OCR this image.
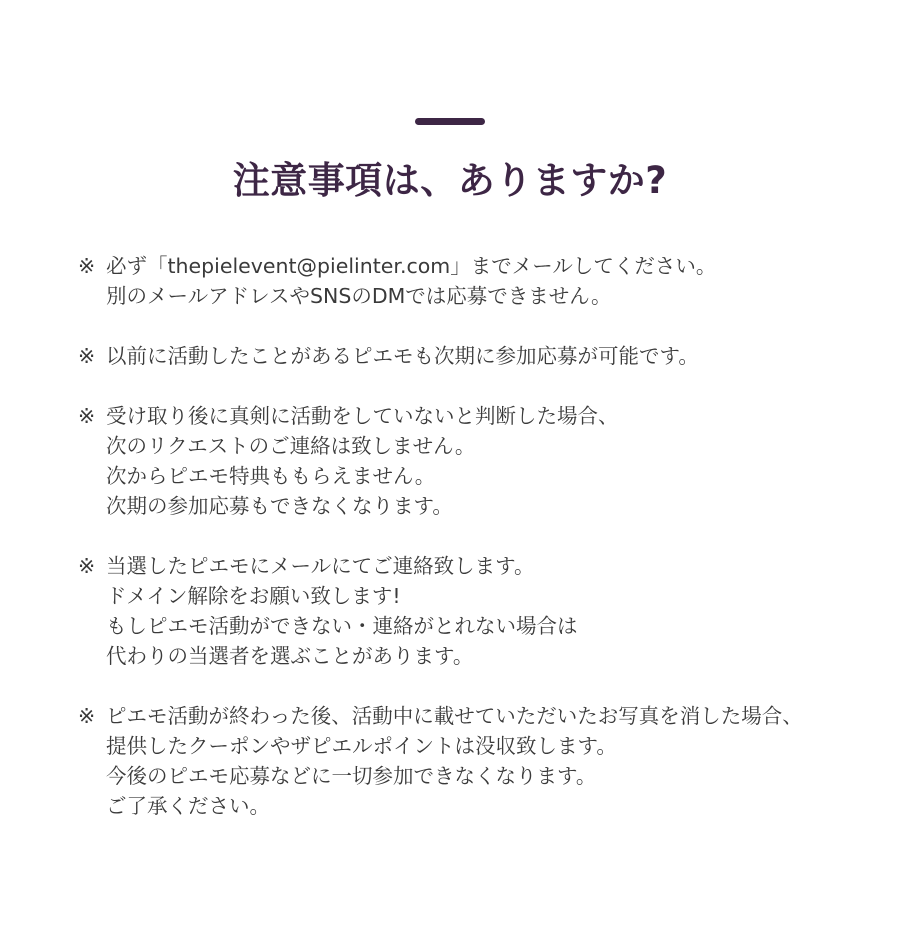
注意事項は、ありますか?
※ 必ず「thepielevent@pielinter.com」までメールしてください。
別のメールアドレスやSNSのDMでは応募できません。
※ 以前に活動したことがあるピエモも次期に参加応募が可能です。
※ 受け取り後に真剣に活動をしていないと判断した場合、
次のリクエストのご連絡は致しません。
次からピエモ特典ももらえません。
次期の参加応募もできなくなります。
※ 当選したピエモにメールにてご連絡致します。
ドメイン解除をお願い致します!
もしピエモ活動ができない・連絡がとれない場合は
代わりの当選者を選ぶことがあります。
※ ピエモ活動が終わった後、活動中に載せていただいたお写真を消した場合、
提供したクーポンやザピエルポイントは没収致します。
今後のピエモ応募などに一切参加できなくなります。
ご了承ください。
